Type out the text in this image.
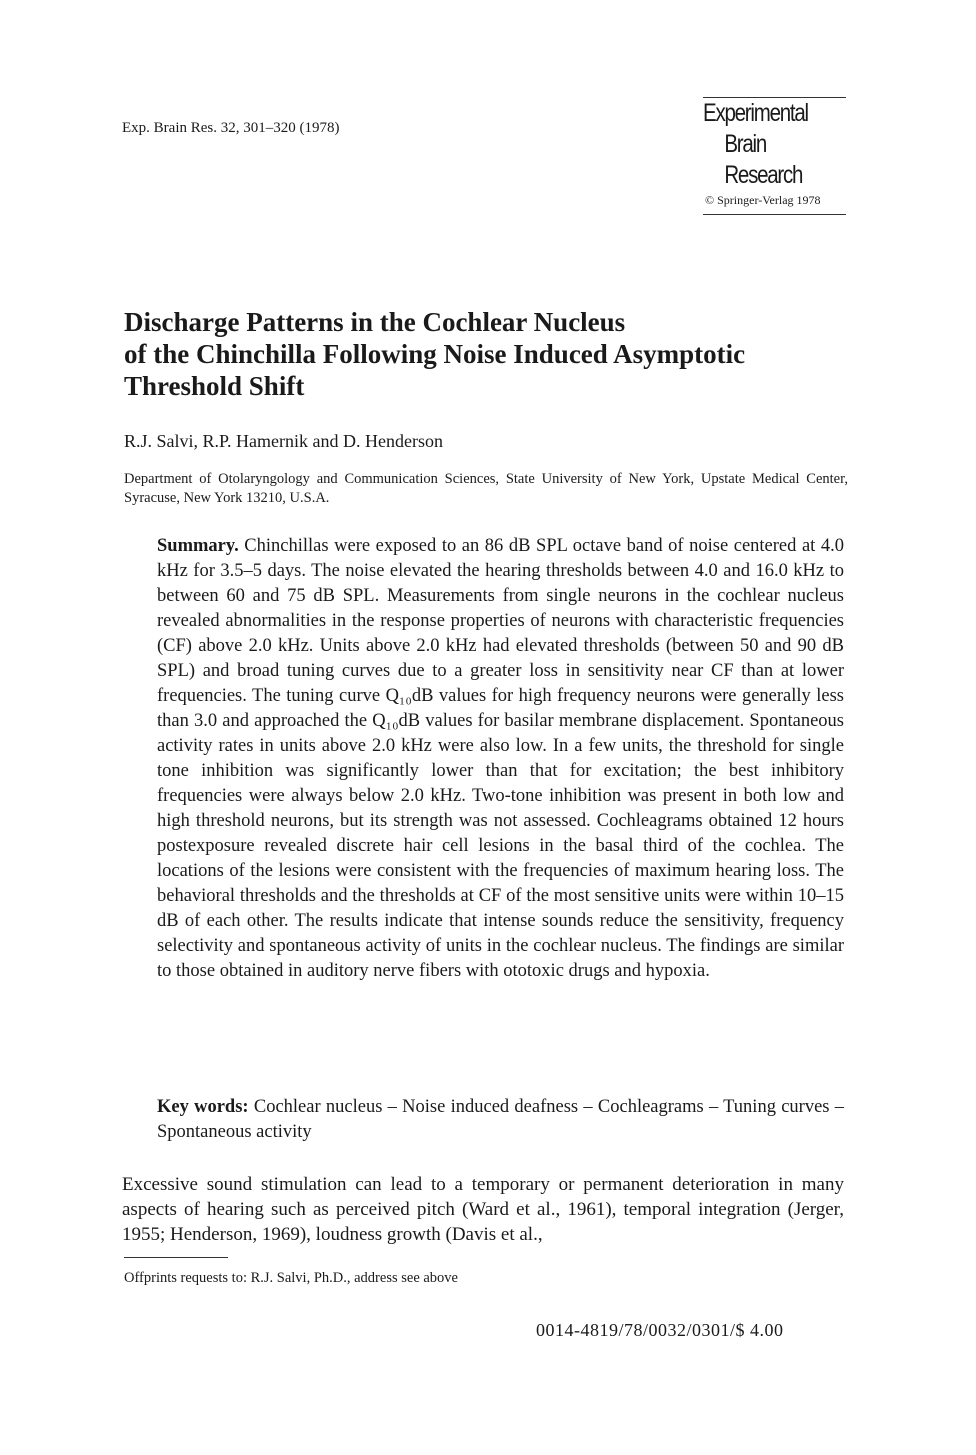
Exp. Brain Res. 32, 301–320 (1978)
Experimental
Brain
Research
© Springer-Verlag 1978
Discharge Patterns in the Cochlear Nucleus
of the Chinchilla Following Noise Induced Asymptotic
Threshold Shift
R.J. Salvi, R.P. Hamernik and D. Henderson
Department of Otolaryngology and Communication Sciences, State University of New York, Upstate Medical Center, Syracuse, New York 13210, U.S.A.
Summary. Chinchillas were exposed to an 86 dB SPL octave band of noise centered at 4.0 kHz for 3.5–5 days. The noise elevated the hearing thresholds between 4.0 and 16.0 kHz to between 60 and 75 dB SPL. Measurements from single neurons in the cochlear nucleus revealed abnormalities in the response properties of neurons with characteristic frequencies (CF) above 2.0 kHz. Units above 2.0 kHz had elevated thresholds (between 50 and 90 dB SPL) and broad tuning curves due to a greater loss in sensitivity near CF than at lower frequencies. The tuning curve Q₁₀dB values for high frequency neurons were generally less than 3.0 and approached the Q₁₀dB values for basilar membrane displacement. Spontaneous activity rates in units above 2.0 kHz were also low. In a few units, the threshold for single tone inhibition was significantly lower than that for excitation; the best inhibitory frequencies were always below 2.0 kHz. Two-tone inhibition was present in both low and high threshold neurons, but its strength was not assessed. Cochleagrams obtained 12 hours postexposure revealed discrete hair cell lesions in the basal third of the cochlea. The locations of the lesions were consistent with the frequencies of maximum hearing loss. The behavioral thresholds and the thresholds at CF of the most sensitive units were within 10–15 dB of each other. The results indicate that intense sounds reduce the sensitivity, frequency selectivity and spontaneous activity of units in the cochlear nucleus. The findings are similar to those obtained in auditory nerve fibers with ototoxic drugs and hypoxia.
Key words: Cochlear nucleus – Noise induced deafness – Cochleagrams – Tuning curves – Spontaneous activity
Excessive sound stimulation can lead to a temporary or permanent deterioration in many aspects of hearing such as perceived pitch (Ward et al., 1961), temporal integration (Jerger, 1955; Henderson, 1969), loudness growth (Davis et al.,
Offprints requests to: R.J. Salvi, Ph.D., address see above
0014-4819/78/0032/0301/$ 4.00
